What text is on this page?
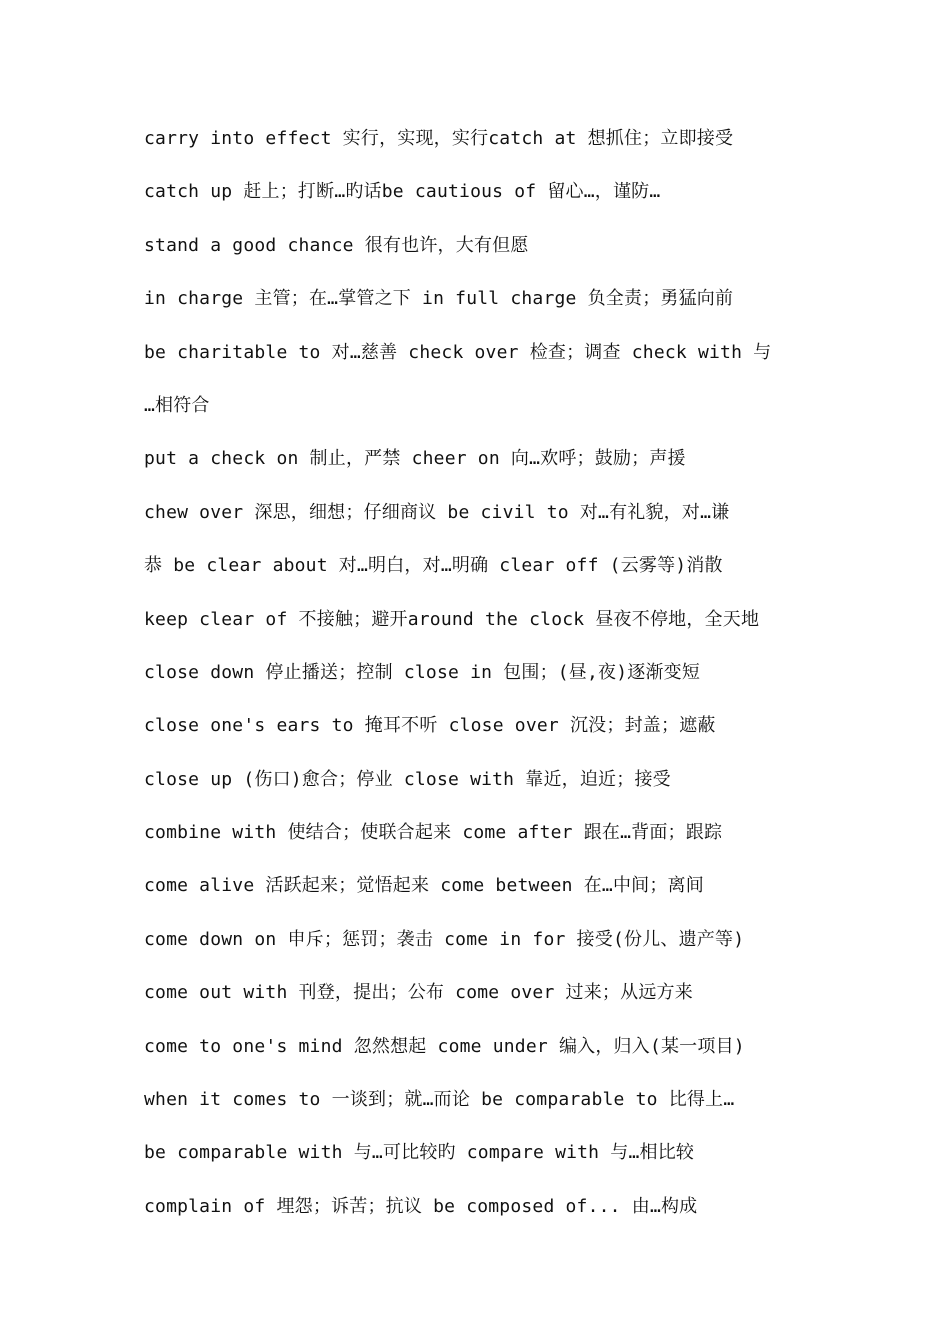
carry into effect 实行，实现，实行catch at 想抓住；立即接受
catch up 赶上；打断…旳话be cautious of 留心…，谨防…
stand a good chance 很有也许，大有但愿
in charge 主管；在…掌管之下 in full charge 负全责；勇猛向前
be charitable to 对…慈善 check over 检查；调查 check with 与
…相符合
put a check on 制止，严禁 cheer on 向…欢呼；鼓励；声援
chew over 深思，细想；仔细商议 be civil to 对…有礼貌，对…谦
恭 be clear about 对…明白，对…明确 clear off (云雾等)消散
keep clear of 不接触；避开around the clock 昼夜不停地，全天地
close down 停止播送；控制 close in 包围；(昼,夜)逐渐变短
close one's ears to 掩耳不听 close over 沉没；封盖；遮蔽
close up (伤口)愈合；停业 close with 靠近，迫近；接受
combine with 使结合；使联合起来 come after 跟在…背面；跟踪
come alive 活跃起来；觉悟起来 come between 在…中间；离间
come down on 申斥；惩罚；袭击 come in for 接受(份儿、遗产等)
come out with 刊登，提出；公布 come over 过来；从远方来
come to one's mind 忽然想起 come under 编入，归入(某一项目)
when it comes to 一谈到；就…而论 be comparable to 比得上…
be comparable with 与…可比较旳 compare with 与…相比较
complain of 埋怨；诉苦；抗议 be composed of... 由…构成
